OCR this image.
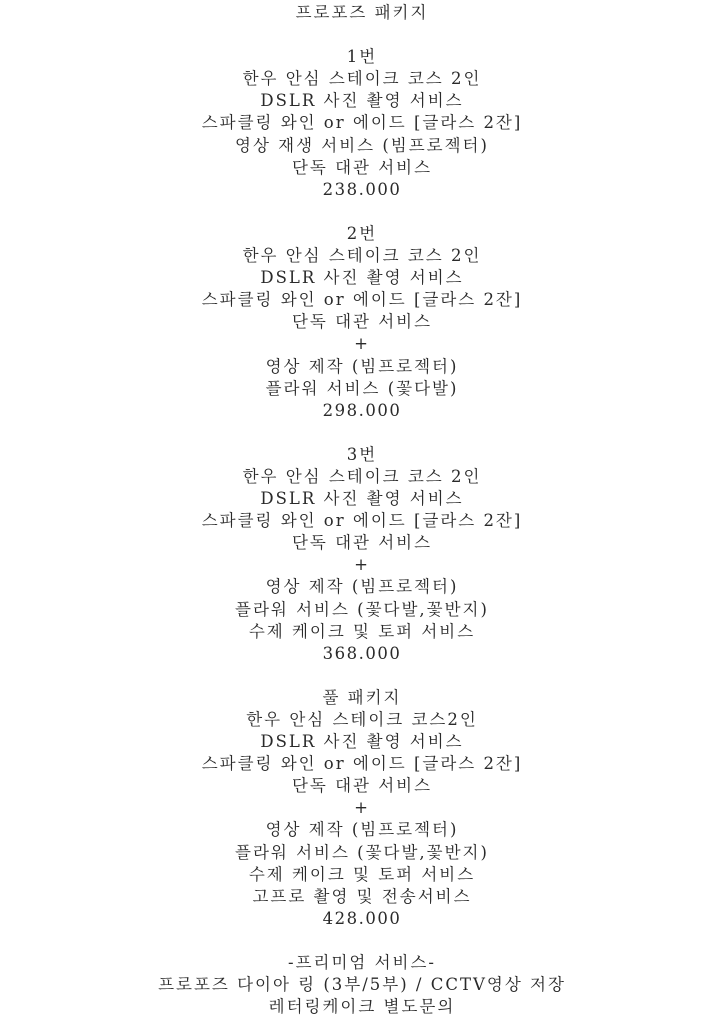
프로포즈 패키지
1번
한우 안심 스테이크 코스 2인
DSLR 사진 촬영 서비스
스파클링 와인 or 에이드 [글라스 2잔]
영상 재생 서비스 (빔프로젝터)
단독 대관 서비스
238.000
2번
한우 안심 스테이크 코스 2인
DSLR 사진 촬영 서비스
스파클링 와인 or 에이드 [글라스 2잔]
단독 대관 서비스
+
영상 제작 (빔프로젝터)
플라워 서비스 (꽃다발)
298.000
3번
한우 안심 스테이크 코스 2인
DSLR 사진 촬영 서비스
스파클링 와인 or 에이드 [글라스 2잔]
단독 대관 서비스
+
영상 제작 (빔프로젝터)
플라워 서비스 (꽃다발,꽃반지)
수제 케이크 및 토퍼 서비스
368.000
풀 패키지
한우 안심 스테이크 코스2인
DSLR 사진 촬영 서비스
스파클링 와인 or 에이드 [글라스 2잔]
단독 대관 서비스
+
영상 제작 (빔프로젝터)
플라워 서비스 (꽃다발,꽃반지)
수제 케이크 및 토퍼 서비스
고프로 촬영 및 전송서비스
428.000
-프리미엄 서비스-
프로포즈 다이아 링 (3부/5부) / CCTV영상 저장
레터링케이크 별도문의
